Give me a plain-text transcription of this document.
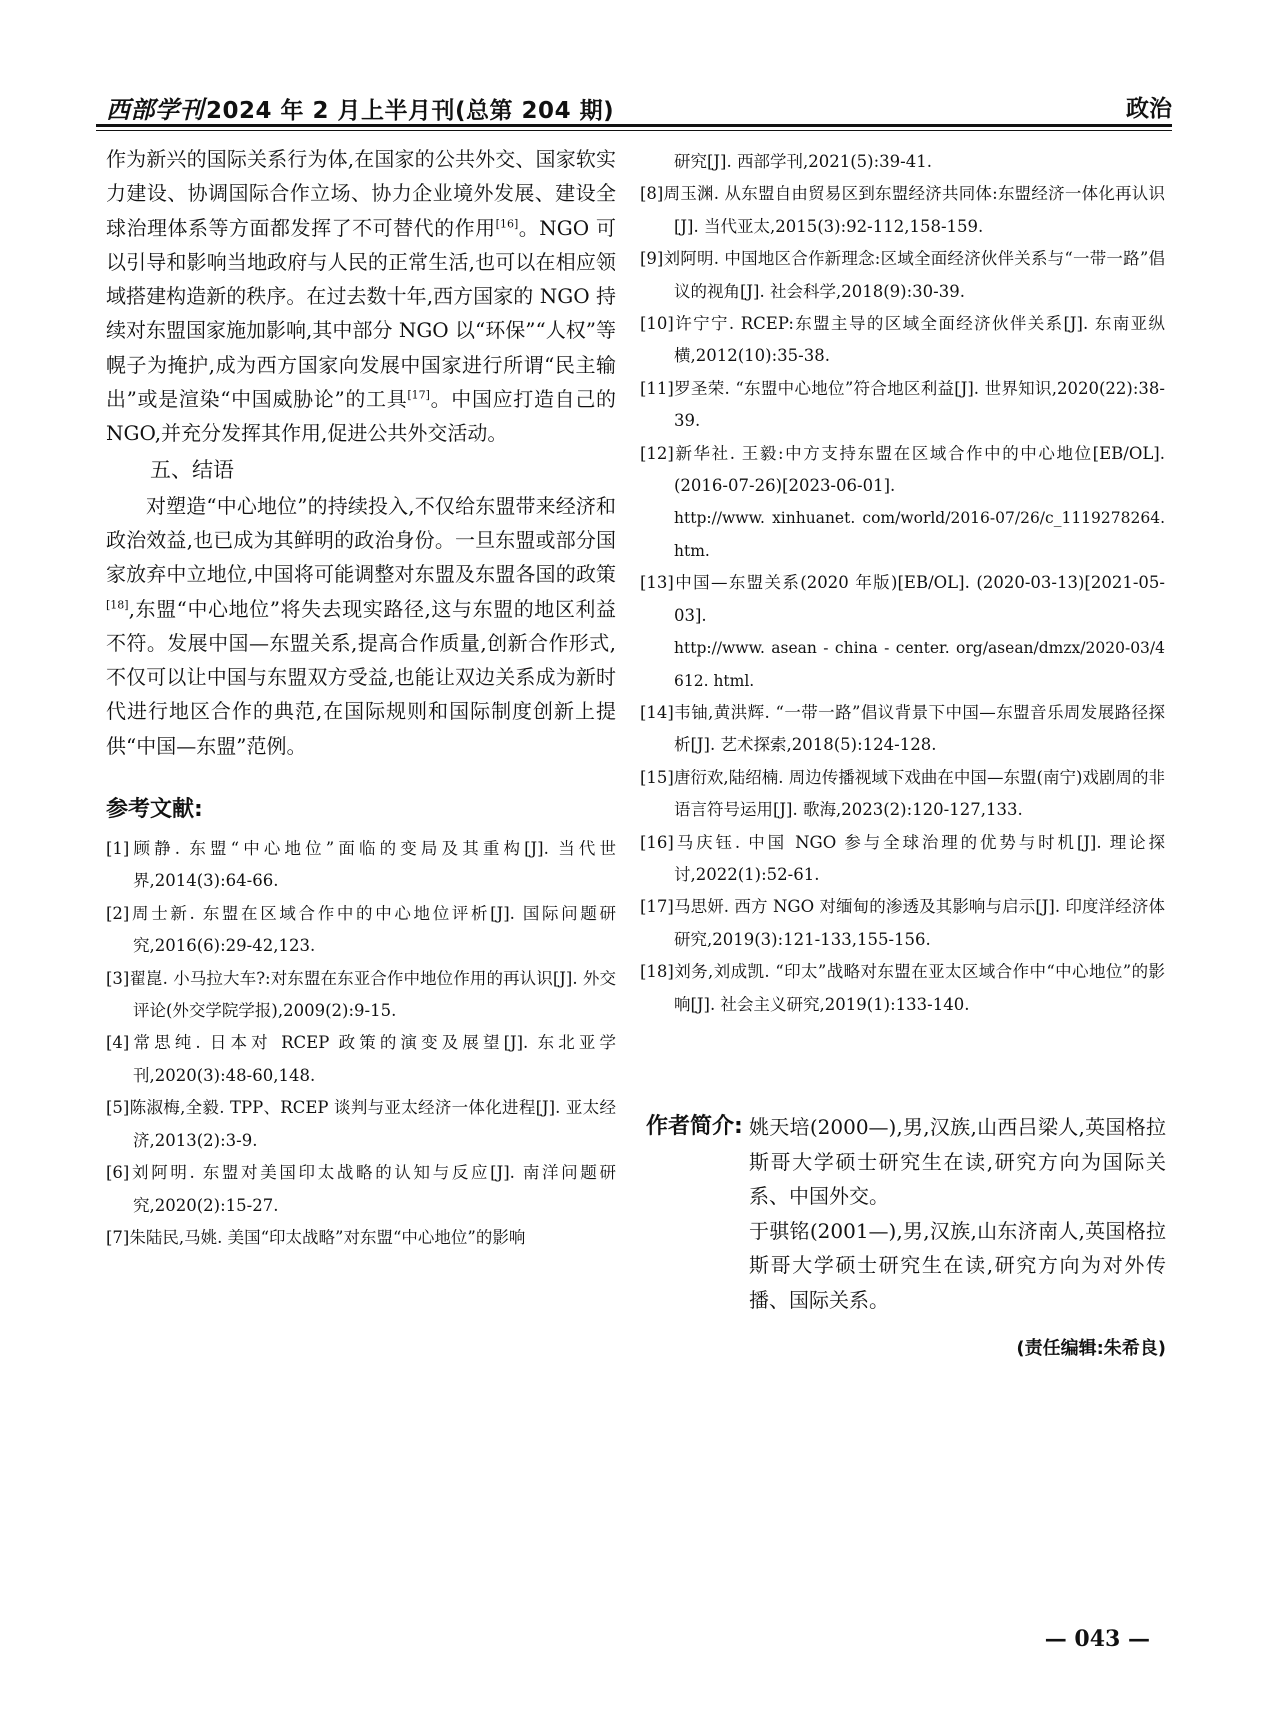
西部学刊2024 年 2 月上半月刊(总第 204 期)	政治

作为新兴的国际关系行为体,在国家的公共外交、国家软实力建设、协调国际合作立场、协力企业境外发展、建设全球治理体系等方面都发挥了不可替代的作用[16]。NGO 可以引导和影响当地政府与人民的正常生活,也可以在相应领域搭建构造新的秩序。在过去数十年,西方国家的 NGO 持续对东盟国家施加影响,其中部分 NGO 以“环保”“人权”等幌子为掩护,成为西方国家向发展中国家进行所谓“民主输出”或是渲染“中国威胁论”的工具[17]。中国应打造自己的 NGO,并充分发挥其作用,促进公共外交活动。

五、结语

对塑造“中心地位”的持续投入,不仅给东盟带来经济和政治效益,也已成为其鲜明的政治身份。一旦东盟或部分国家放弃中立地位,中国将可能调整对东盟及东盟各国的政策[18],东盟“中心地位”将失去现实路径,这与东盟的地区利益不符。发展中国—东盟关系,提高合作质量,创新合作形式,不仅可以让中国与东盟双方受益,也能让双边关系成为新时代进行地区合作的典范,在国际规则和国际制度创新上提供“中国—东盟”范例。

参考文献:

[1]顾静. 东盟“中心地位”面临的变局及其重构[J]. 当代世界,2014(3):64-66.

[2]周士新. 东盟在区域合作中的中心地位评析[J]. 国际问题研究,2016(6):29-42,123.

[3]翟崑. 小马拉大车?:对东盟在东亚合作中地位作用的再认识[J]. 外交评论(外交学院学报),2009(2):9-15.

[4]常思纯. 日本对 RCEP 政策的演变及展望[J]. 东北亚学刊,2020(3):48-60,148.

[5]陈淑梅,全毅. TPP、RCEP 谈判与亚太经济一体化进程[J]. 亚太经济,2013(2):3-9.

[6]刘阿明. 东盟对美国印太战略的认知与反应[J]. 南洋问题研究,2020(2):15-27.

[7]朱陆民,马姚. 美国“印太战略”对东盟“中心地位”的影响

研究[J]. 西部学刊,2021(5):39-41.

[8]周玉渊. 从东盟自由贸易区到东盟经济共同体:东盟经济一体化再认识[J]. 当代亚太,2015(3):92-112,158-159.

[9]刘阿明. 中国地区合作新理念:区域全面经济伙伴关系与“一带一路”倡议的视角[J]. 社会科学,2018(9):30-39.

[10]许宁宁. RCEP:东盟主导的区域全面经济伙伴关系[J]. 东南亚纵横,2012(10):35-38.

[11]罗圣荣. “东盟中心地位”符合地区利益[J]. 世界知识,2020(22):38-39.

[12]新华社. 王毅:中方支持东盟在区域合作中的中心地位[EB/OL]. (2016-07-26)[2023-06-01].

http://www. xinhuanet. com/world/2016-07/26/c_1119278264. htm.

[13]中国—东盟关系(2020 年版)[EB/OL]. (2020-03-13)[2021-05-03].

http://www. asean - china - center. org/asean/dmzx/2020-03/4612. html.

[14]韦铀,黄洪辉. “一带一路”倡议背景下中国—东盟音乐周发展路径探析[J]. 艺术探索,2018(5):124-128.

[15]唐衍欢,陆绍楠. 周边传播视域下戏曲在中国—东盟(南宁)戏剧周的非语言符号运用[J]. 歌海,2023(2):120-127,133.

[16]马庆钰. 中国 NGO 参与全球治理的优势与时机[J]. 理论探讨,2022(1):52-61.

[17]马思妍. 西方 NGO 对缅甸的渗透及其影响与启示[J]. 印度洋经济体研究,2019(3):121-133,155-156.

[18]刘务,刘成凯. “印太”战略对东盟在亚太区域合作中“中心地位”的影响[J]. 社会主义研究,2019(1):133-140.

作者简介: 姚天培(2000—),男,汉族,山西吕梁人,英国格拉斯哥大学硕士研究生在读,研究方向为国际关系、中国外交。

于骐铭(2001—),男,汉族,山东济南人,英国格拉斯哥大学硕士研究生在读,研究方向为对外传播、国际关系。

(责任编辑:朱希良)
— 043 —
